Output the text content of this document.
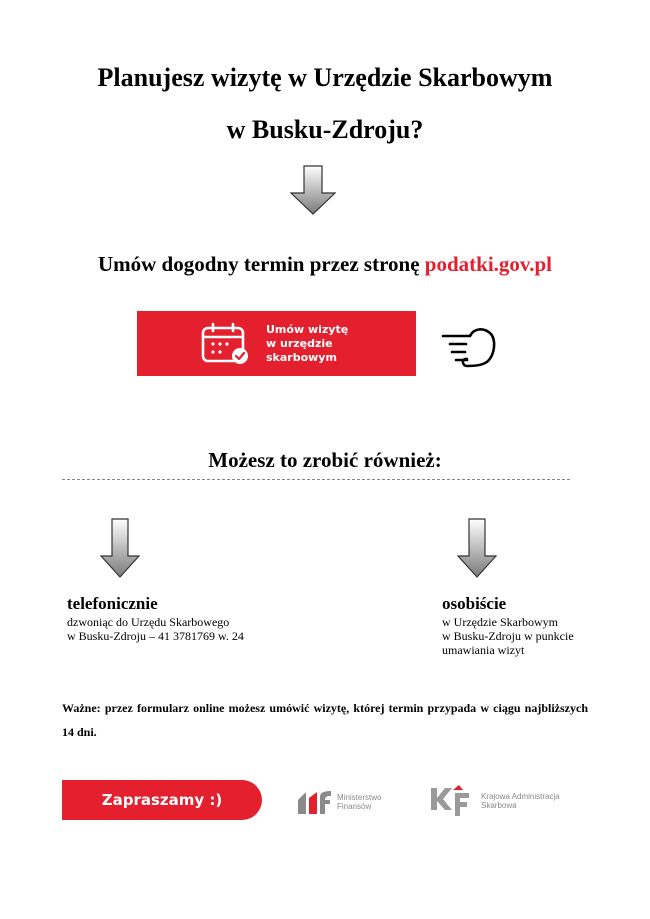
Planujesz wizytę w Urzędzie Skarbowym
w Busku-Zdroju?
Umów dogodny termin przez stronę podatki.gov.pl
Umów wizytę
w urzędzie
skarbowym
Możesz to zrobić również:
telefonicznie
dzwoniąc do Urzędu Skarbowego
w Busku-Zdroju – 41 3781769 w. 24
osobiście
w Urzędzie Skarbowym
w Busku-Zdroju w punkcie
umawiania wizyt
Ważne: przez formularz online możesz umówić wizytę, której termin przypada w ciągu najbliższych 14 dni.
Zapraszamy :)	Ministerstwo
Finansów
Krajowa Administracja
Skarbowa
